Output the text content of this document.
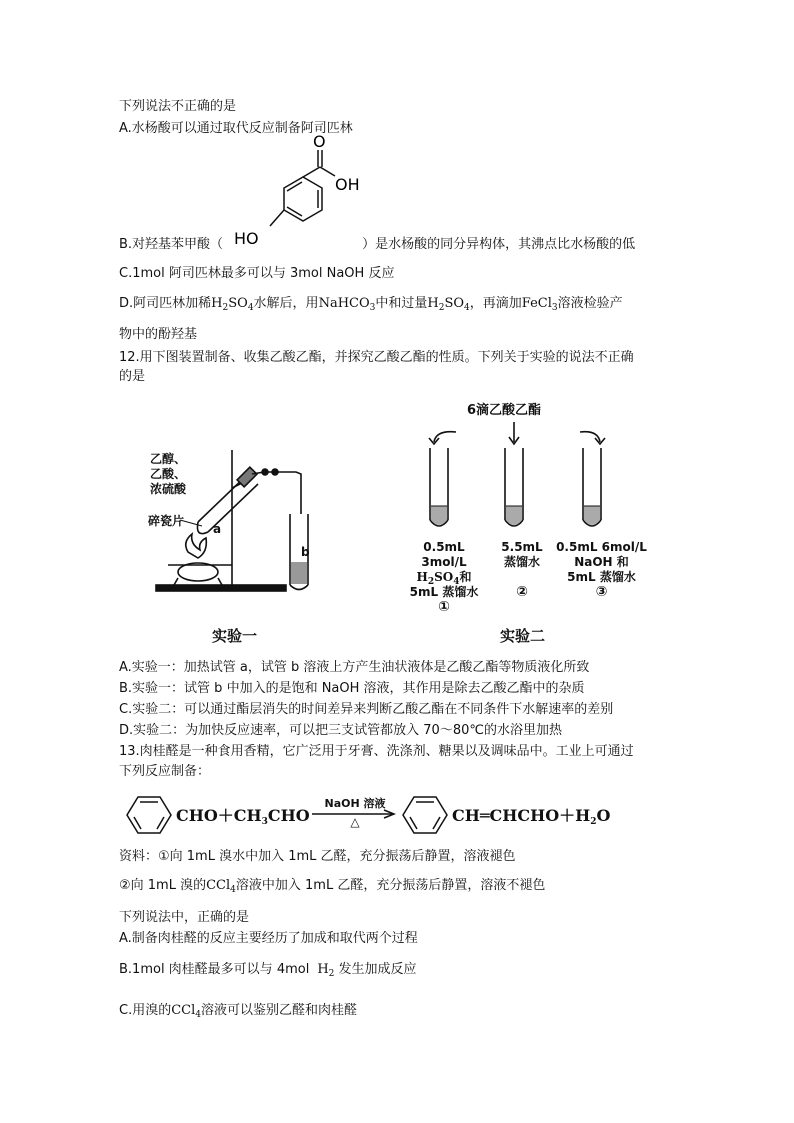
下列说法不正确的是
A.水杨酸可以通过取代反应制备阿司匹林
O
OH
HO
B.对羟基苯甲酸（	）是水杨酸的同分异构体，其沸点比水杨酸的低
C.1mol 阿司匹林最多可以与 3mol NaOH 反应
D.阿司匹林加稀$H_2SO_4$水解后，用NaHCO$_3$中和过量$H_2SO_4$，再滴加FeCl$_3$溶液检验产
物中的酚羟基
12.用下图装置制备、收集乙酸乙酯，并探究乙酸乙酯的性质。下列关于实验的说法不正确
的是
乙醇、
乙酸、
浓硫酸
碎瓷片
a
b
实验一
6滴乙酸乙酯
0.5mL 3mol/L
$H_2SO_4$和
5mL 蒸馏水
①
5.5mL
蒸馏水
②
0.5mL 6mol/L
NaOH 和
5mL 蒸馏水
③
实验二
A.实验一：加热试管 a，试管 b 溶液上方产生油状液体是乙酸乙酯等物质液化所致
B.实验一：试管 b 中加入的是饱和 NaOH 溶液，其作用是除去乙酸乙酯中的杂质
C.实验二：可以通过酯层消失的时间差异来判断乙酸乙酯在不同条件下水解速率的差别
D.实验二：为加快反应速率，可以把三支试管都放入 70～80℃的水浴里加热
13.肉桂醛是一种食用香精，它广泛用于牙膏、洗涤剂、糖果以及调味品中。工业上可通过
下列反应制备：
$CHO+CH_3CHO$
NaOH 溶液
△	$CH═CHCHO+H_2O$
资料：①向 1mL 溴水中加入 1mL 乙醛，充分振荡后静置，溶液褪色
②向 1mL 溴的CCl$_4$溶液中加入 1mL 乙醛，充分振荡后静置，溶液不褪色
下列说法中，正确的是
A.制备肉桂醛的反应主要经历了加成和取代两个过程
B.1mol 肉桂醛最多可以与 4mol $H_2$ 发生加成反应
C.用溴的CCl$_4$溶液可以鉴别乙醛和肉桂醛
